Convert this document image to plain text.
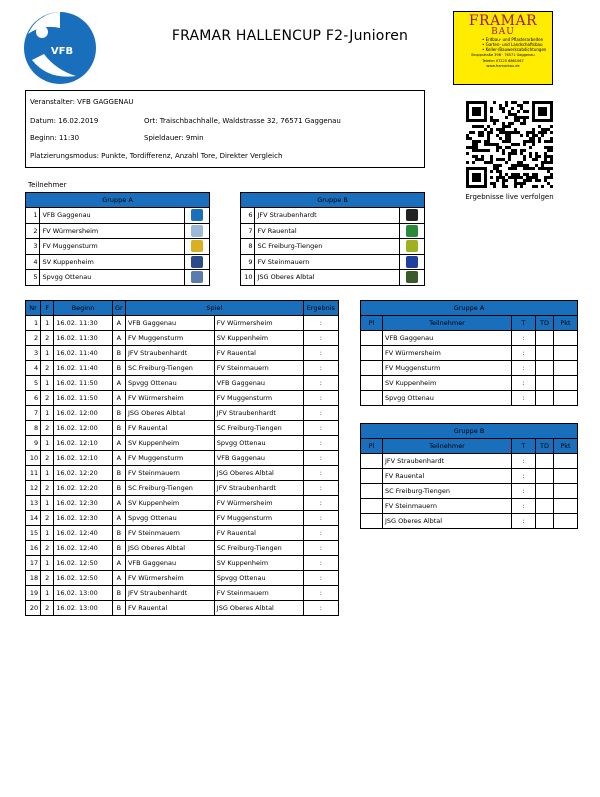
VFB
FRAMAR HALLENCUP F2-Junioren
FRAMAR
BAU
• Erdbau- und Pflasterarbeiten
• Garten- und Landschaftsbau
• Keller-/Bauwerksabdichtungen
Bruppstraße 39B · 76571 Gaggenau
Telefon 07225 6861067
www.framarbau.de
Veranstalter: VFB GAGGENAU
Datum: 16.02.2019	Ort: Traischbachhalle, Waldstrasse 32, 76571 Gaggenau
Beginn: 11:30	Spieldauer: 9min
Platzierungsmodus: Punkte, Tordifferenz, Anzahl Tore, Direkter Vergleich
Ergebnisse live verfolgen
Teilnehmer
Gruppe A		
1	VFB Gaggenau	
2	FV Würmersheim	
3	FV Muggensturm	
4	SV Kuppenheim	
5	Spvgg Ottenau	
Gruppe B		
6	JFV Straubenhardt	
7	FV Rauental	
8	SC Freiburg-Tiengen	
9	FV Steinmauern	
10	JSG Oberes Albtal	
Nr	F	Beginn	Gr	Spiel		Ergebnis
1	1	16.02. 11:30	A	VFB Gaggenau	FV Würmersheim	:
2	2	16.02. 11:30	A	FV Muggensturm	SV Kuppenheim	:
3	1	16.02. 11:40	B	JFV Straubenhardt	FV Rauental	:
4	2	16.02. 11:40	B	SC Freiburg-Tiengen	FV Steinmauern	:
5	1	16.02. 11:50	A	Spvgg Ottenau	VFB Gaggenau	:
6	2	16.02. 11:50	A	FV Würmersheim	FV Muggensturm	:
7	1	16.02. 12:00	B	JSG Oberes Albtal	JFV Straubenhardt	:
8	2	16.02. 12:00	B	FV Rauental	SC Freiburg-Tiengen	:
9	1	16.02. 12:10	A	SV Kuppenheim	Spvgg Ottenau	:
10	2	16.02. 12:10	A	FV Muggensturm	VFB Gaggenau	:
11	1	16.02. 12:20	B	FV Steinmauern	JSG Oberes Albtal	:
12	2	16.02. 12:20	B	SC Freiburg-Tiengen	JFV Straubenhardt	:
13	1	16.02. 12:30	A	SV Kuppenheim	FV Würmersheim	:
14	2	16.02. 12:30	A	Spvgg Ottenau	FV Muggensturm	:
15	1	16.02. 12:40	B	FV Steinmauern	FV Rauental	:
16	2	16.02. 12:40	B	JSG Oberes Albtal	SC Freiburg-Tiengen	:
17	1	16.02. 12:50	A	VFB Gaggenau	SV Kuppenheim	:
18	2	16.02. 12:50	A	FV Würmersheim	Spvgg Ottenau	:
19	1	16.02. 13:00	B	JFV Straubenhardt	FV Steinmauern	:
20	2	16.02. 13:00	B	FV Rauental	JSG Oberes Albtal	:
Gruppe A				
Pl	Teilnehmer	T	TD	Pkt
	VFB Gaggenau	:		
	FV Würmersheim	:		
	FV Muggensturm	:		
	SV Kuppenheim	:		
	Spvgg Ottenau	:		
Gruppe B				
Pl	Teilnehmer	T	TD	Pkt
	JFV Straubenhardt	:		
	FV Rauental	:		
	SC Freiburg-Tiengen	:		
	FV Steinmauern	:		
	JSG Oberes Albtal	:		
